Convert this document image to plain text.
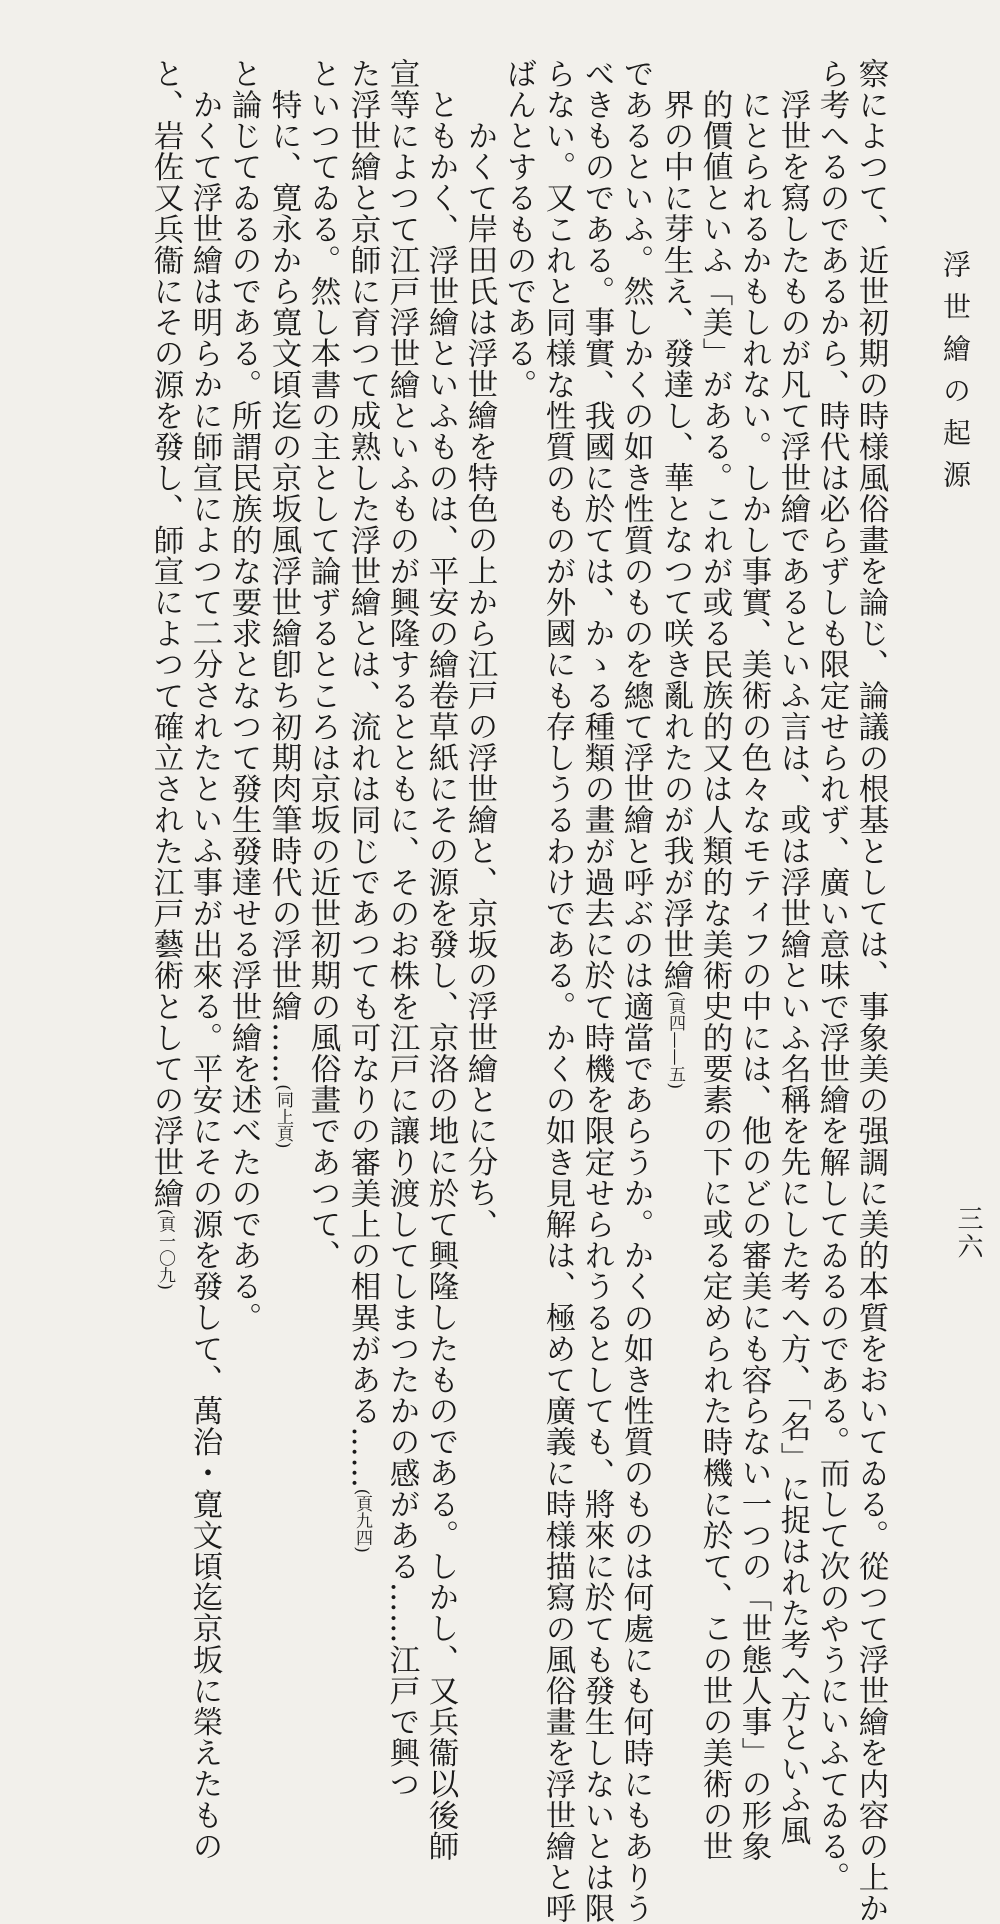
浮世繪の起源
三六
察によつて、近世初期の時様風俗畫を論じ、論議の根基としては、事象美の强調に美的本質をおいてゐる。從つて浮世繪を内容の上か
ら考へるのであるから、時代は必らずしも限定せられず、廣い意味で浮世繪を解してゐるのである。而して次のやうにいふてゐる。
浮世を寫したものが凡て浮世繪であるといふ言は、或は浮世繪といふ名稱を先にした考へ方、「名」に捉はれた考へ方といふ風
にとられるかもしれない。しかし事實、美術の色々なモティフの中には、他のどの審美にも容らない一つの「世態人事」の形象
的價値といふ「美」がある。これが或る民族的又は人類的な美術史的要素の下に或る定められた時機に於て、この世の美術の世
界の中に芽生え、發達し、華となつて咲き亂れたのが我が浮世繪(頁四——五)
であるといふ。然しかくの如き性質のものを總て浮世繪と呼ぶのは適當であらうか。かくの如き性質のものは何處にも何時にもありう
べきものである。事實、我國に於ては、かゝる種類の畫が過去に於て時機を限定せられうるとしても、將來に於ても發生しないとは限
らない。又これと同様な性質のものが外國にも存しうるわけである。かくの如き見解は、極めて廣義に時様描寫の風俗畫を浮世繪と呼
ばんとするものである。
かくて岸田氏は浮世繪を特色の上から江戸の浮世繪と、京坂の浮世繪とに分ち、
ともかく、浮世繪といふものは、平安の繪卷草紙にその源を發し、京洛の地に於て興隆したものである。しかし、又兵衞以後師
宣等によつて江戸浮世繪といふものが興隆するとともに、そのお株を江戸に讓り渡してしまつたかの感がある……江戸で興つ
た浮世繪と京師に育つて成熟した浮世繪とは、流れは同じであつても可なりの審美上の相異がある……(頁九四)
といつてゐる。然し本書の主として論ずるところは京坂の近世初期の風俗畫であつて、
特に、寛永から寛文頃迄の京坂風浮世繪卽ち初期肉筆時代の浮世繪……(同上頁)
と論じてゐるのである。所謂民族的な要求となつて發生發達せる浮世繪を述べたのである。
かくて浮世繪は明らかに師宣によつて二分されたといふ事が出來る。平安にその源を發して、萬治・寛文頃迄京坂に榮えたもの
と、岩佐又兵衞にその源を發し、師宣によつて確立された江戸藝術としての浮世繪(頁一〇九)
